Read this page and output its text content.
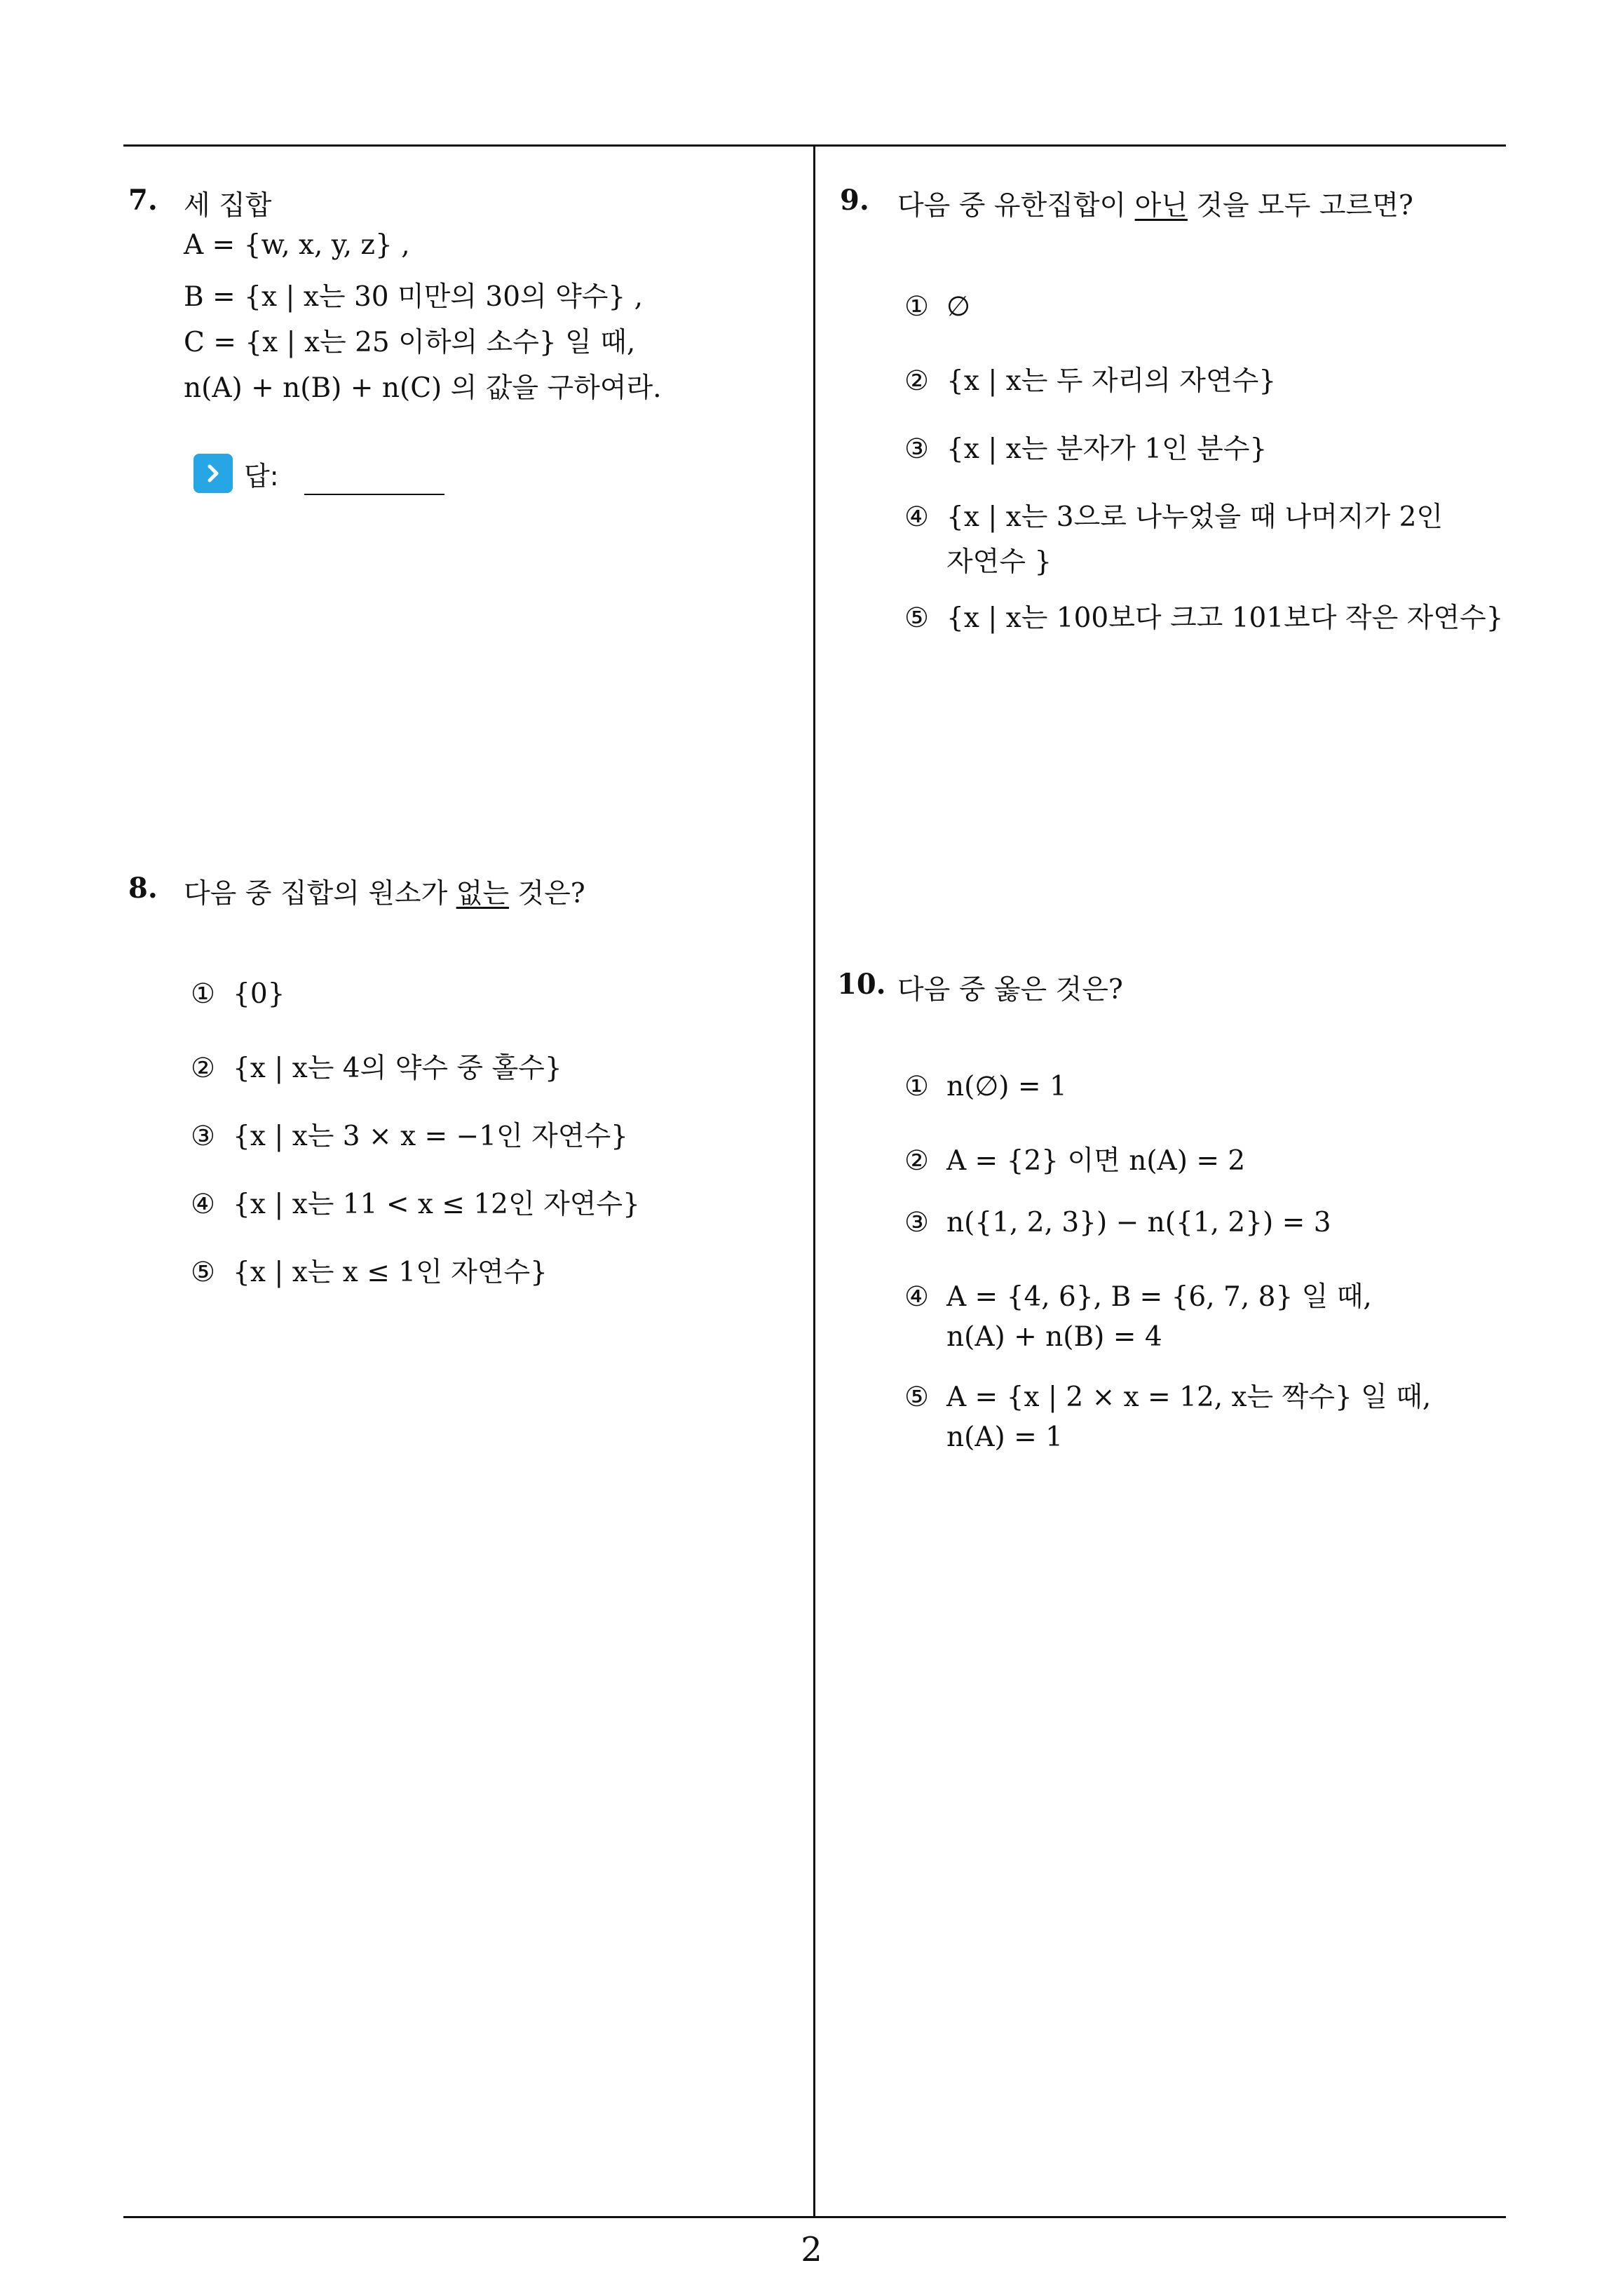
7. 세 집합
A = {w, x, y, z} ,
B = {x | x는 30 미만의 30의 약수} ,
C = {x | x는 25 이하의 소수} 일 때,
n(A) + n(B) + n(C) 의 값을 구하여라.
답:
8. 다음 중 집합의 원소가 없는 것은?
① {0}
② {x | x는 4의 약수 중 홀수}
③ {x | x는 3 × x = −1인 자연수}
④ {x | x는 11 < x ≤ 12인 자연수}
⑤ {x | x는 x ≤ 1인 자연수}
9. 다음 중 유한집합이 아닌 것을 모두 고르면?
① ∅
② {x | x는 두 자리의 자연수}
③ {x | x는 분자가 1인 분수}
④ {x | x는 3으로 나누었을 때 나머지가 2인
자연수 }
⑤ {x | x는 100보다 크고 101보다 작은 자연수}
10. 다음 중 옳은 것은?
① n(∅) = 1
② A = {2} 이면 n(A) = 2
③ n({1, 2, 3}) − n({1, 2}) = 3
④ A = {4, 6}, B = {6, 7, 8} 일 때,
n(A) + n(B) = 4
⑤ A = {x | 2 × x = 12, x는 짝수} 일 때,
n(A) = 1
2
